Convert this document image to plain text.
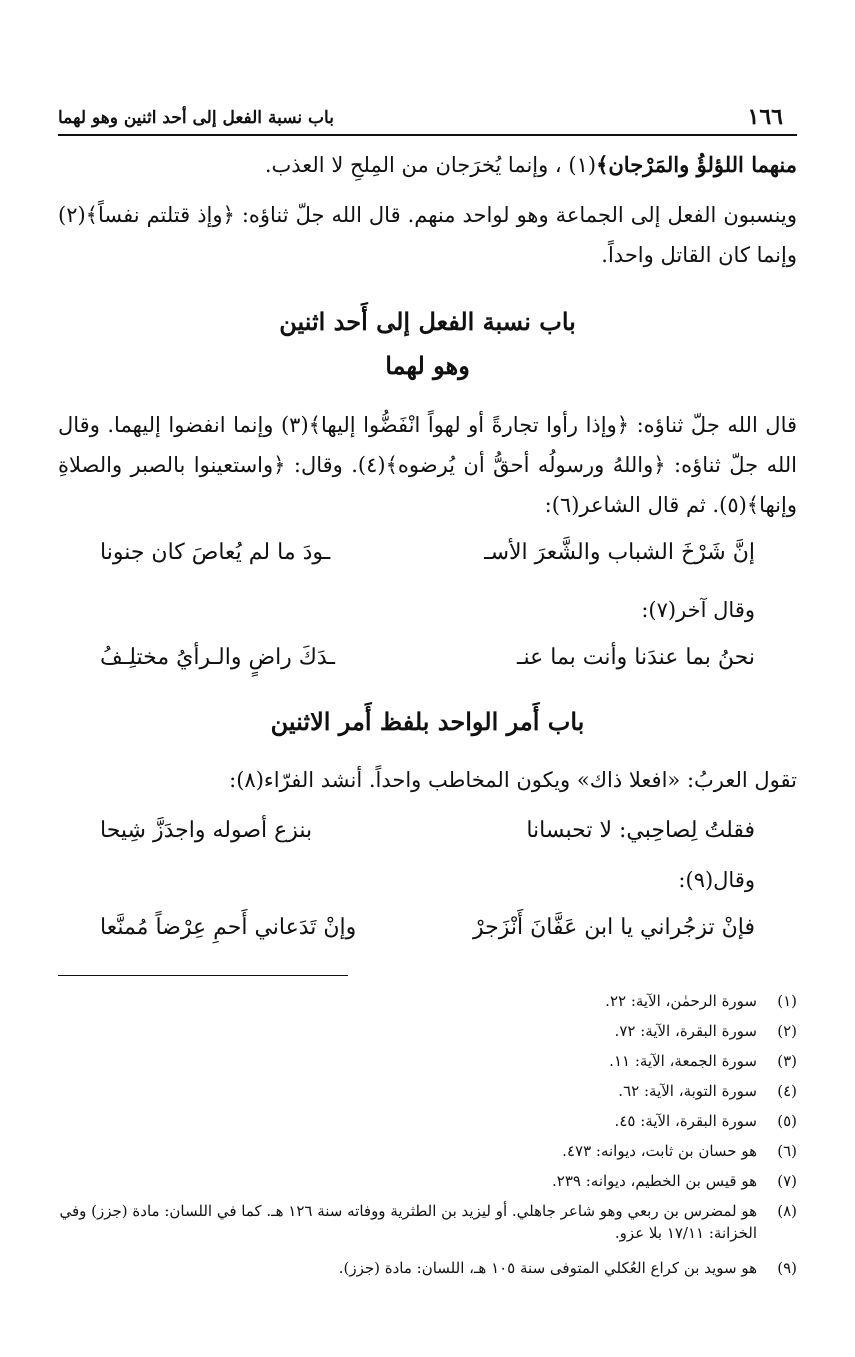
١٦٦
باب نسبة الفعل إلى أحد اثنين وهو لهما
منهما اللؤلؤُ والمَرْجان﴾(١) ، وإنما يُخرَجان من المِلحِ لا العذب.
وينسبون الفعل إلى الجماعة وهو لواحد منهم. قال الله جلّ ثناؤه: ﴿وإذ قتلتم نفساً﴾(٢) وإنما كان القاتل واحداً.
باب نسبة الفعل إلى أَحد اثنين
وهو لهما
قال الله جلّ ثناؤه: ﴿وإذا رأوا تجارةً أو لهواً انْفَضُّوا إليها﴾(٣) وإنما انفضوا إليهما. وقال الله جلّ ثناؤه: ﴿واللهُ ورسولُه أحقُّ أن يُرضوه﴾(٤). وقال: ﴿واستعينوا بالصبر والصلاةِ وإنها﴾(٥). ثم قال الشاعر(٦):
إنَّ شَرْخَ الشباب والشَّعرَ الأسـ
ـودَ ما لم يُعاصَ كان جنونا
وقال آخر(٧):
نحنُ بما عندَنا وأنت بما عنـ
ـدَكَ راضٍ والـرأيُ مختلِـفُ
باب أَمر الواحد بلفظ أَمر الاثنين
تقول العربُ: «افعلا ذاك» ويكون المخاطب واحداً. أنشد الفرّاء(٨):
فقلتُ لِصاحِبي: لا تحبسانا
بنزع أصوله واجدَزَّ شِيحا
وقال(٩):
فإنْ تزجُراني يا ابن عَفَّانَ أَنْزَجرْ
وإنْ تَدَعاني أَحمِ عِرْضاً مُمنَّعا
(١)
سورة الرحمٰن، الآية: ٢٢.
(٢)
سورة البقرة، الآية: ٧٢.
(٣)
سورة الجمعة، الآية: ١١.
(٤)
سورة التوبة، الآية: ٦٢.
(٥)
سورة البقرة، الآية: ٤٥.
(٦)
هو حسان بن ثابت، ديوانه: ٤٧٣.
(٧)
هو قيس بن الخطيم، ديوانه: ٢٣٩.
(٨)
هو لمضرس بن ربعي وهو شاعر جاهلي. أو ليزيد بن الطثرية ووفاته سنة ١٢٦ هـ. كما في اللسان: مادة (جزز) وفي الخزانة: ١٧/١١ بلا عزو.
(٩)
هو سويد بن كراع العُكلي المتوفى سنة ١٠٥ هـ، اللسان: مادة (جزز).
